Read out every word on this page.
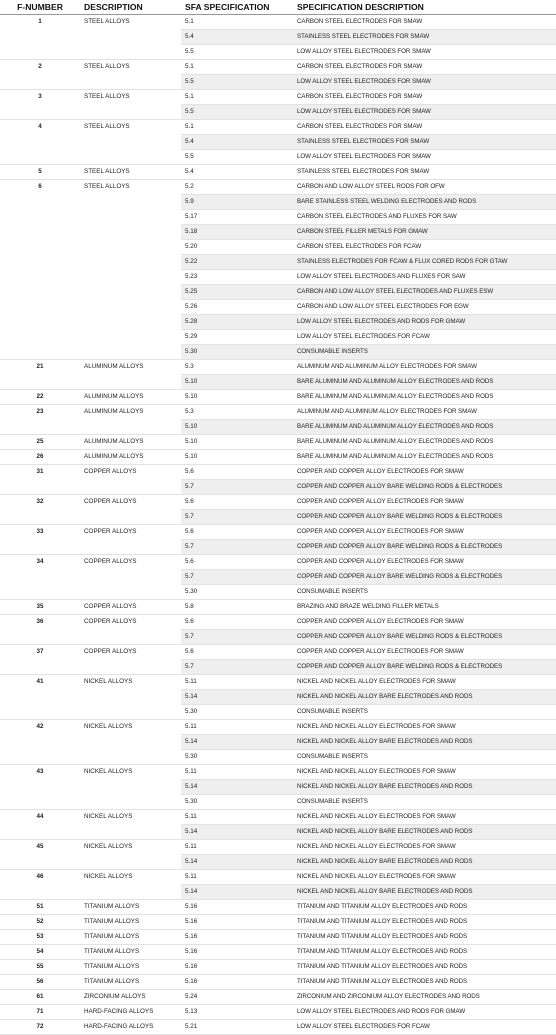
F-NUMBER	DESCRIPTION	SFA SPECIFICATION	SPECIFICATION DESCRIPTION
1	STEEL ALLOYS	5.1	CARBON STEEL ELECTRODES FOR SMAW
		5.4	STAINLESS STEEL ELECTRODES FOR SMAW
		5.5	LOW ALLOY STEEL ELECTRODES FOR SMAW
2	STEEL ALLOYS	5.1	CARBON STEEL ELECTRODES FOR SMAW
		5.5	LOW ALLOY STEEL ELECTRODES FOR SMAW
3	STEEL ALLOYS	5.1	CARBON STEEL ELECTRODES FOR SMAW
		5.5	LOW ALLOY STEEL ELECTRODES FOR SMAW
4	STEEL ALLOYS	5.1	CARBON STEEL ELECTRODES FOR SMAW
		5.4	STAINLESS STEEL ELECTRODES FOR SMAW
		5.5	LOW ALLOY STEEL ELECTRODES FOR SMAW
5	STEEL ALLOYS	5.4	STAINLESS STEEL ELECTRODES FOR SMAW
6	STEEL ALLOYS	5.2	CARBON AND LOW ALLOY STEEL RODS FOR OFW
		5.9	BARE STAINLESS STEEL WELDING ELECTRODES AND RODS
		5.17	CARBON STEEL ELECTRODES AND FLUXES FOR SAW
		5.18	CARBON STEEL FILLER METALS FOR GMAW
		5.20	CARBON STEEL ELECTRODES FOR FCAW
		5.22	STAINLESS ELECTRODES FOR FCAW & FLUX CORED RODS FOR GTAW
		5.23	LOW ALLOY STEEL ELECTRODES AND FLUXES FOR SAW
		5.25	CARBON AND LOW ALLOY STEEL ELECTRODES AND FLUXES ESW
		5.26	CARBON AND LOW ALLOY STEEL ELECTRODES FOR EGW
		5.28	LOW ALLOY STEEL ELECTRODES AND RODS FOR GMAW
		5.29	LOW ALLOY STEEL ELECTRODES FOR FCAW
		5.30	CONSUMABLE INSERTS
21	ALUMINUM ALLOYS	5.3	ALUMINUM AND ALUMINUM ALLOY ELECTRODES FOR SMAW
		5.10	BARE ALUMINUM AND ALUMINUM ALLOY ELECTRODES AND RODS
22	ALUMINUM ALLOYS	5.10	BARE ALUMINUM AND ALUMINUM ALLOY ELECTRODES AND RODS
23	ALUMINUM ALLOYS	5.3	ALUMINUM AND ALUMINUM ALLOY ELECTRODES FOR SMAW
		5.10	BARE ALUMINUM AND ALUMINUM ALLOY ELECTRODES AND RODS
25	ALUMINUM ALLOYS	5.10	BARE ALUMINUM AND ALUMINUM ALLOY ELECTRODES AND RODS
26	ALUMINUM ALLOYS	5.10	BARE ALUMINUM AND ALUMINUM ALLOY ELECTRODES AND RODS
31	COPPER ALLOYS	5.6	COPPER AND COPPER ALLOY ELECTRODES FOR SMAW
		5.7	COPPER AND COPPER ALLOY BARE WELDING RODS & ELECTRODES
32	COPPER ALLOYS	5.6	COPPER AND COPPER ALLOY ELECTRODES FOR SMAW
		5.7	COPPER AND COPPER ALLOY BARE WELDING RODS & ELECTRODES
33	COPPER ALLOYS	5.6	COPPER AND COPPER ALLOY ELECTRODES FOR SMAW
		5.7	COPPER AND COPPER ALLOY BARE WELDING RODS & ELECTRODES
34	COPPER ALLOYS	5.6	COPPER AND COPPER ALLOY ELECTRODES FOR SMAW
		5.7	COPPER AND COPPER ALLOY BARE WELDING RODS & ELECTRODES
		5.30	CONSUMABLE INSERTS
35	COPPER ALLOYS	5.8	BRAZING AND BRAZE WELDING FILLER METALS
36	COPPER ALLOYS	5.6	COPPER AND COPPER ALLOY ELECTRODES FOR SMAW
		5.7	COPPER AND COPPER ALLOY BARE WELDING RODS & ELECTRODES
37	COPPER ALLOYS	5.6	COPPER AND COPPER ALLOY ELECTRODES FOR SMAW
		5.7	COPPER AND COPPER ALLOY BARE WELDING RODS & ELECTRODES
41	NICKEL ALLOYS	5.11	NICKEL AND NICKEL ALLOY ELECTRODES FOR SMAW
		5.14	NICKEL AND NICKEL ALLOY BARE ELECTRODES AND RODS
		5.30	CONSUMABLE INSERTS
42	NICKEL ALLOYS	5.11	NICKEL AND NICKEL ALLOY ELECTRODES FOR SMAW
		5.14	NICKEL AND NICKEL ALLOY BARE ELECTRODES AND RODS
		5.30	CONSUMABLE INSERTS
43	NICKEL ALLOYS	5.11	NICKEL AND NICKEL ALLOY ELECTRODES FOR SMAW
		5.14	NICKEL AND NICKEL ALLOY BARE ELECTRODES AND RODS
		5.30	CONSUMABLE INSERTS
44	NICKEL ALLOYS	5.11	NICKEL AND NICKEL ALLOY ELECTRODES FOR SMAW
		5.14	NICKEL AND NICKEL ALLOY BARE ELECTRODES AND RODS
45	NICKEL ALLOYS	5.11	NICKEL AND NICKEL ALLOY ELECTRODES FOR SMAW
		5.14	NICKEL AND NICKEL ALLOY BARE ELECTRODES AND RODS
46	NICKEL ALLOYS	5.11	NICKEL AND NICKEL ALLOY ELECTRODES FOR SMAW
		5.14	NICKEL AND NICKEL ALLOY BARE ELECTRODES AND RODS
51	TITANIUM ALLOYS	5.16	TITANIUM AND TITANIUM ALLOY ELECTRODES AND RODS
52	TITANIUM ALLOYS	5.16	TITANIUM AND TITANIUM ALLOY ELECTRODES AND RODS
53	TITANIUM ALLOYS	5.16	TITANIUM AND TITANIUM ALLOY ELECTRODES AND RODS
54	TITANIUM ALLOYS	5.16	TITANIUM AND TITANIUM ALLOY ELECTRODES AND RODS
55	TITANIUM ALLOYS	5.16	TITANIUM AND TITANIUM ALLOY ELECTRODES AND RODS
56	TITANIUM ALLOYS	5.16	TITANIUM AND TITANIUM ALLOY ELECTRODES AND RODS
61	ZIRCONIUM ALLOYS	5.24	ZIRCONIUM AND ZIRCONIUM ALLOY ELECTRODES AND RODS
71	HARD-FACING ALLOYS	5.13	LOW ALLOY STEEL ELECTRODES AND RODS FOR GMAW
72	HARD-FACING ALLOYS	5.21	LOW ALLOY STEEL ELECTRODES FOR FCAW
